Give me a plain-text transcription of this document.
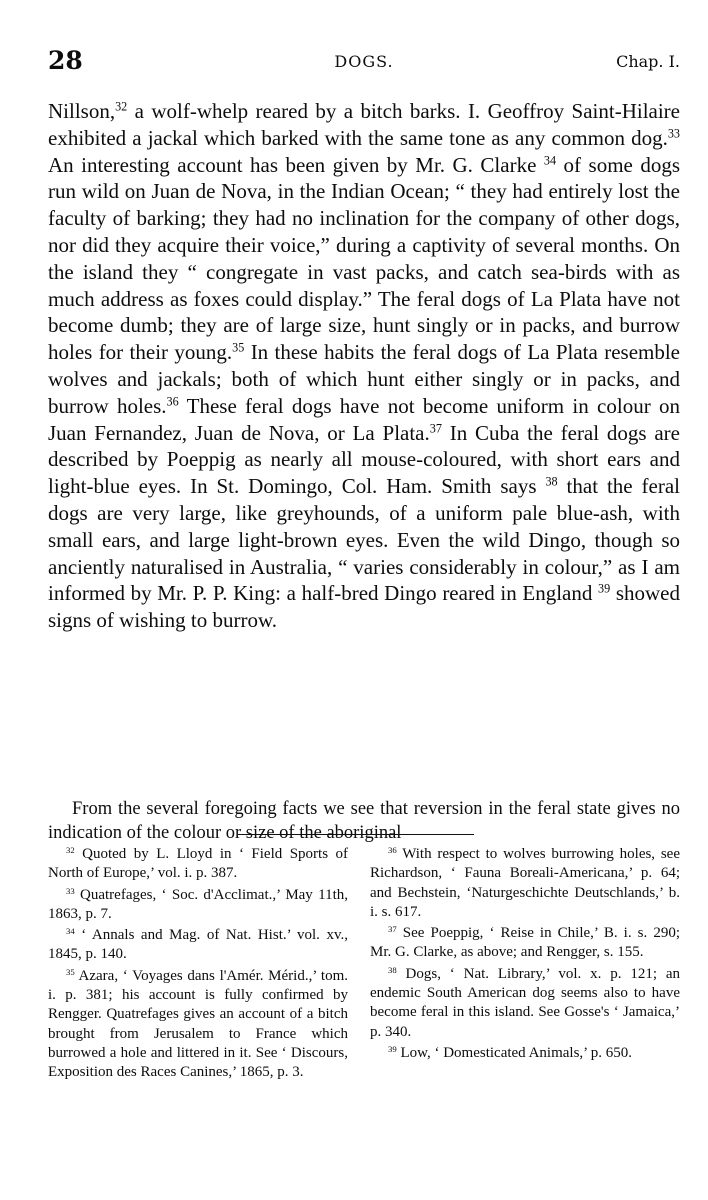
28	DOGS.	Chap. I.

Nillson,$^{32}$ a wolf-whelp reared by a bitch barks. I. Geoffroy Saint-Hilaire exhibited a jackal which barked with the same tone as any common dog.$^{33}$ An interesting account has been given by Mr. G. Clarke $^{34}$ of some dogs run wild on Juan de Nova, in the Indian Ocean; “ they had entirely lost the faculty of barking; they had no inclination for the company of other dogs, nor did they acquire their voice,” during a captivity of several months. On the island they “ congregate in vast packs, and catch sea-birds with as much address as foxes could display.” The feral dogs of La Plata have not become dumb; they are of large size, hunt singly or in packs, and burrow holes for their young.$^{35}$ In these habits the feral dogs of La Plata resemble wolves and jackals; both of which hunt either singly or in packs, and burrow holes.$^{36}$ These feral dogs have not become uniform in colour on Juan Fernandez, Juan de Nova, or La Plata.$^{37}$ In Cuba the feral dogs are described by Poeppig as nearly all mouse-coloured, with short ears and light-blue eyes. In St. Domingo, Col. Ham. Smith says $^{38}$ that the feral dogs are very large, like greyhounds, of a uniform pale blue-ash, with small ears, and large light-brown eyes. Even the wild Dingo, though so anciently naturalised in Australia, “ varies considerably in colour,” as I am informed by Mr. P. P. King: a half-bred Dingo reared in England $^{39}$ showed signs of wishing to burrow.

From the several foregoing facts we see that reversion in the feral state gives no indication of the colour or size of the aboriginal

$^{32}$ Quoted by L. Lloyd in ‘ Field Sports of North of Europe,’ vol. i. p. 387.

$^{33}$ Quatrefages, ‘ Soc. d'Acclimat.,’ May 11th, 1863, p. 7.

$^{34}$ ‘ Annals and Mag. of Nat. Hist.’ vol. xv., 1845, p. 140.

$^{35}$ Azara, ‘ Voyages dans l'Amér. Mérid.,’ tom. i. p. 381; his account is fully confirmed by Rengger. Quatrefages gives an account of a bitch brought from Jerusalem to France which burrowed a hole and littered in it. See ‘ Discours, Exposition des Races Canines,’ 1865, p. 3.

$^{36}$ With respect to wolves burrowing holes, see Richardson, ‘ Fauna Boreali-Americana,’ p. 64; and Bechstein, ‘Naturgeschichte Deutschlands,’ b. i. s. 617.

$^{37}$ See Poeppig, ‘ Reise in Chile,’ B. i. s. 290; Mr. G. Clarke, as above; and Rengger, s. 155.

$^{38}$ Dogs, ‘ Nat. Library,’ vol. x. p. 121; an endemic South American dog seems also to have become feral in this island. See Gosse's ‘ Jamaica,’ p. 340.

$^{39}$ Low, ‘ Domesticated Animals,’ p. 650.
